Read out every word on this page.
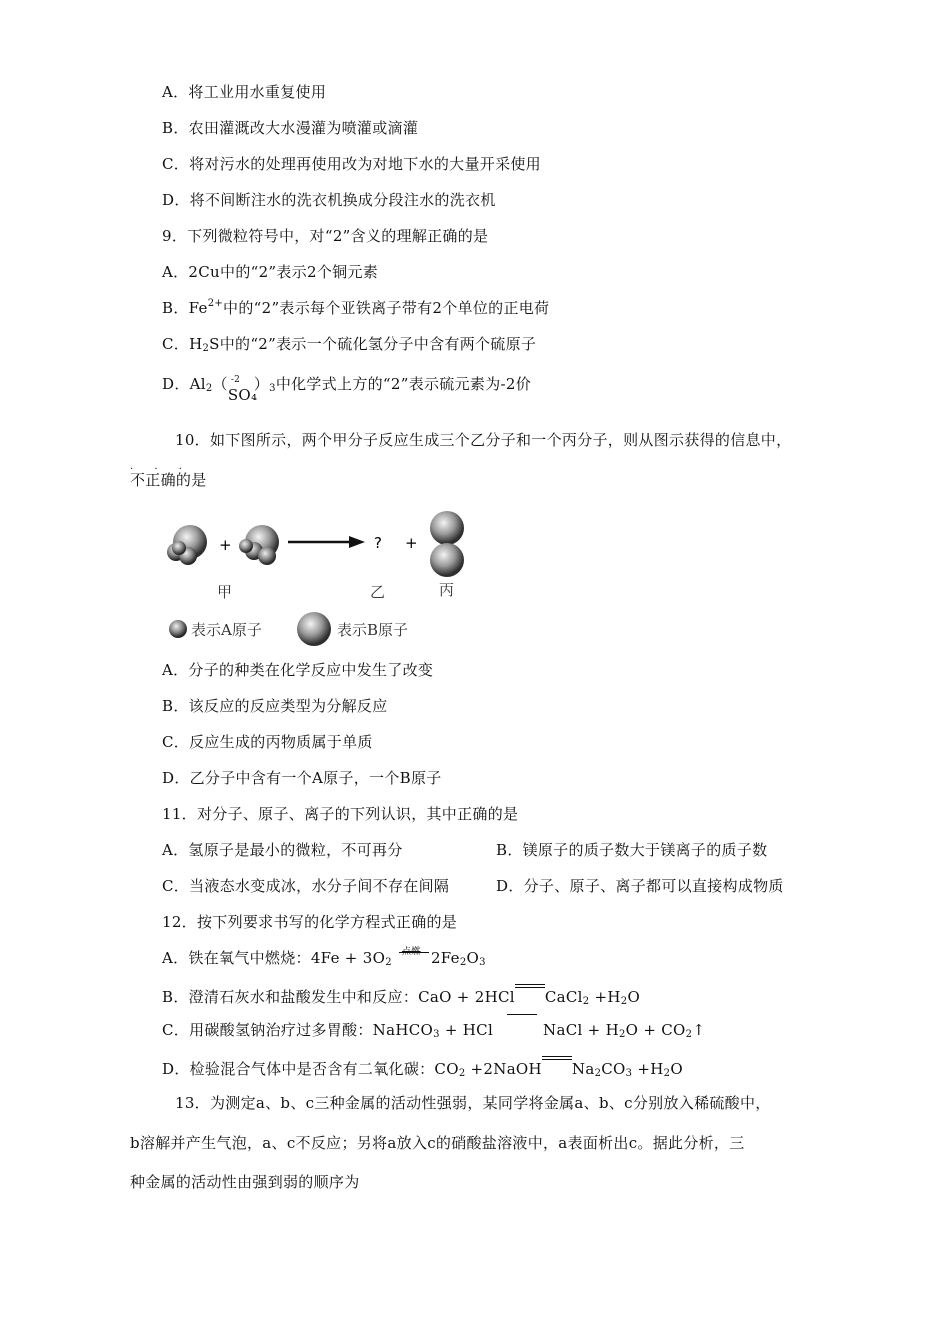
A．将工业用水重复使用
B．农田灌溉改大水漫灌为喷灌或滴灌
C．将对污水的处理再使用改为对地下水的大量开采使用
D．将不间断注水的洗衣机换成分段注水的洗衣机
9．下列微粒符号中，对“2”含义的理解正确的是
A．2Cu中的“2”表示2个铜元素
B．$Fe^{2+}$中的“2”表示每个亚铁离子带有2个单位的正电荷
C．$H_2S$中的“2”表示一个硫化氢分子中含有两个硫原子
D．$Al_2$（ -2
SO₄
）$_3$中化学式上方的“2”表示硫元素为-2价
10．如下图所示，两个甲分子反应生成三个乙分子和一个丙分子，则从图示获得的信息中，
· · ·
不正确的是
+	? +
甲	乙	丙
表示A原子	表示B原子
A．分子的种类在化学反应中发生了改变
B．该反应的反应类型为分解反应
C．反应生成的丙物质属于单质
D．乙分子中含有一个A原子，一个B原子
11．对分子、原子、离子的下列认识，其中正确的是
A．氢原子是最小的微粒，不可再分	B．镁原子的质子数大于镁离子的质子数
C．当液态水变成冰，水分子间不存在间隔	D．分子、原子、离子都可以直接构成物质
12．按下列要求书写的化学方程式正确的是
A．铁在氧气中燃烧：$4Fe + 3O_2$
点燃 $2Fe_2O_3$
B．澄清石灰水和盐酸发生中和反应：CaO + 2HCl CaCl$_2$ $+H_2O$
C．用碳酸氢钠治疗过多胃酸：NaHCO$_3$ + HCl	NaCl + $H_2O$ + $CO_2↑$
D．检验混合气体中是否含有二氧化碳：$CO_2$ +2NaOH $Na_2CO_3 +H_2O$
13．为测定a、b、c三种金属的活动性强弱，某同学将金属a、b、c分别放入稀硫酸中，
b溶解并产生气泡，a、c不反应；另将a放入c的硝酸盐溶液中，a表面析出c。据此分析，三
种金属的活动性由强到弱的顺序为
